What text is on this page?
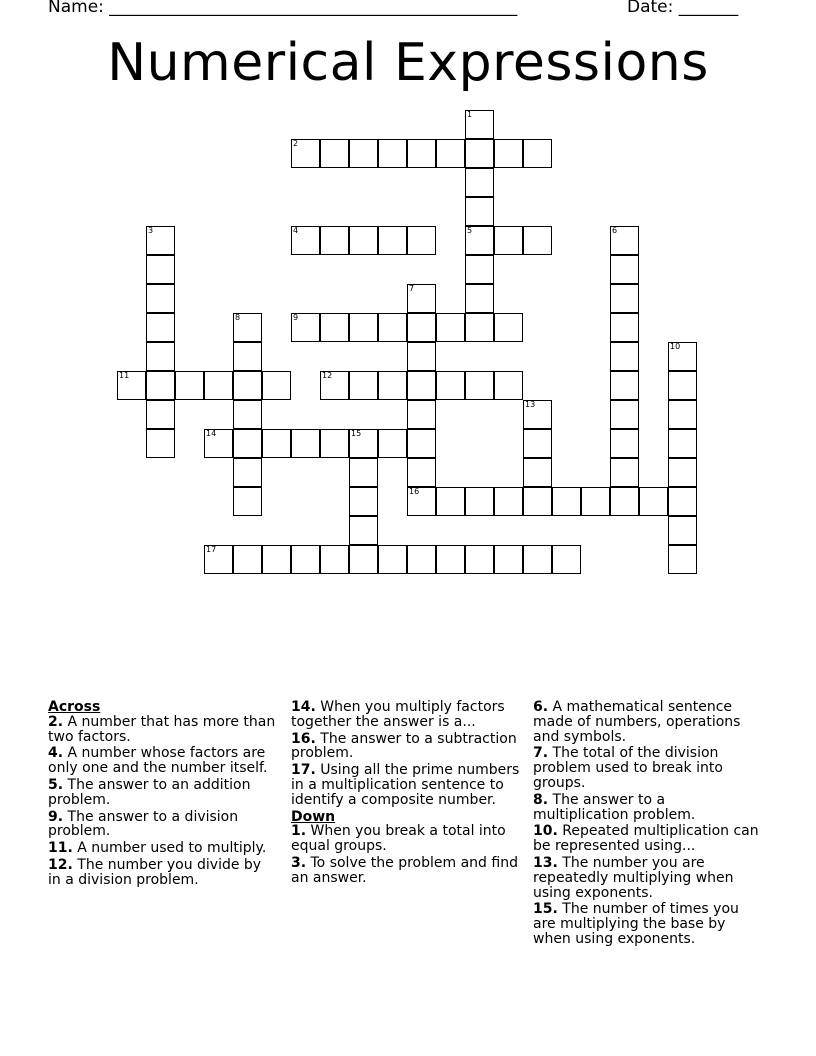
Name: ________________________________________________	Date: _______
Numerical Expressions
1
5
2
3	4	6
7
16
8	9
10
11	12
13
14	15
17
Across
2. A number that has more than two factors.
4. A number whose factors are only one and the number itself.
5. The answer to an addition problem.
9. The answer to a division problem.
11. A number used to multiply.
12. The number you divide by in a division problem.
14. When you multiply factors together the answer is a...
16. The answer to a subtraction problem.
17. Using all the prime numbers in a multiplication sentence to identify a composite number.
Down
1. When you break a total into equal groups.
3. To solve the problem and find an answer.
6. A mathematical sentence made of numbers, operations and symbols.
7. The total of the division problem used to break into groups.
8. The answer to a multiplication problem.
10. Repeated multiplication can be represented using...
13. The number you are repeatedly multiplying when using exponents.
15. The number of times you are multiplying the base by when using exponents.
